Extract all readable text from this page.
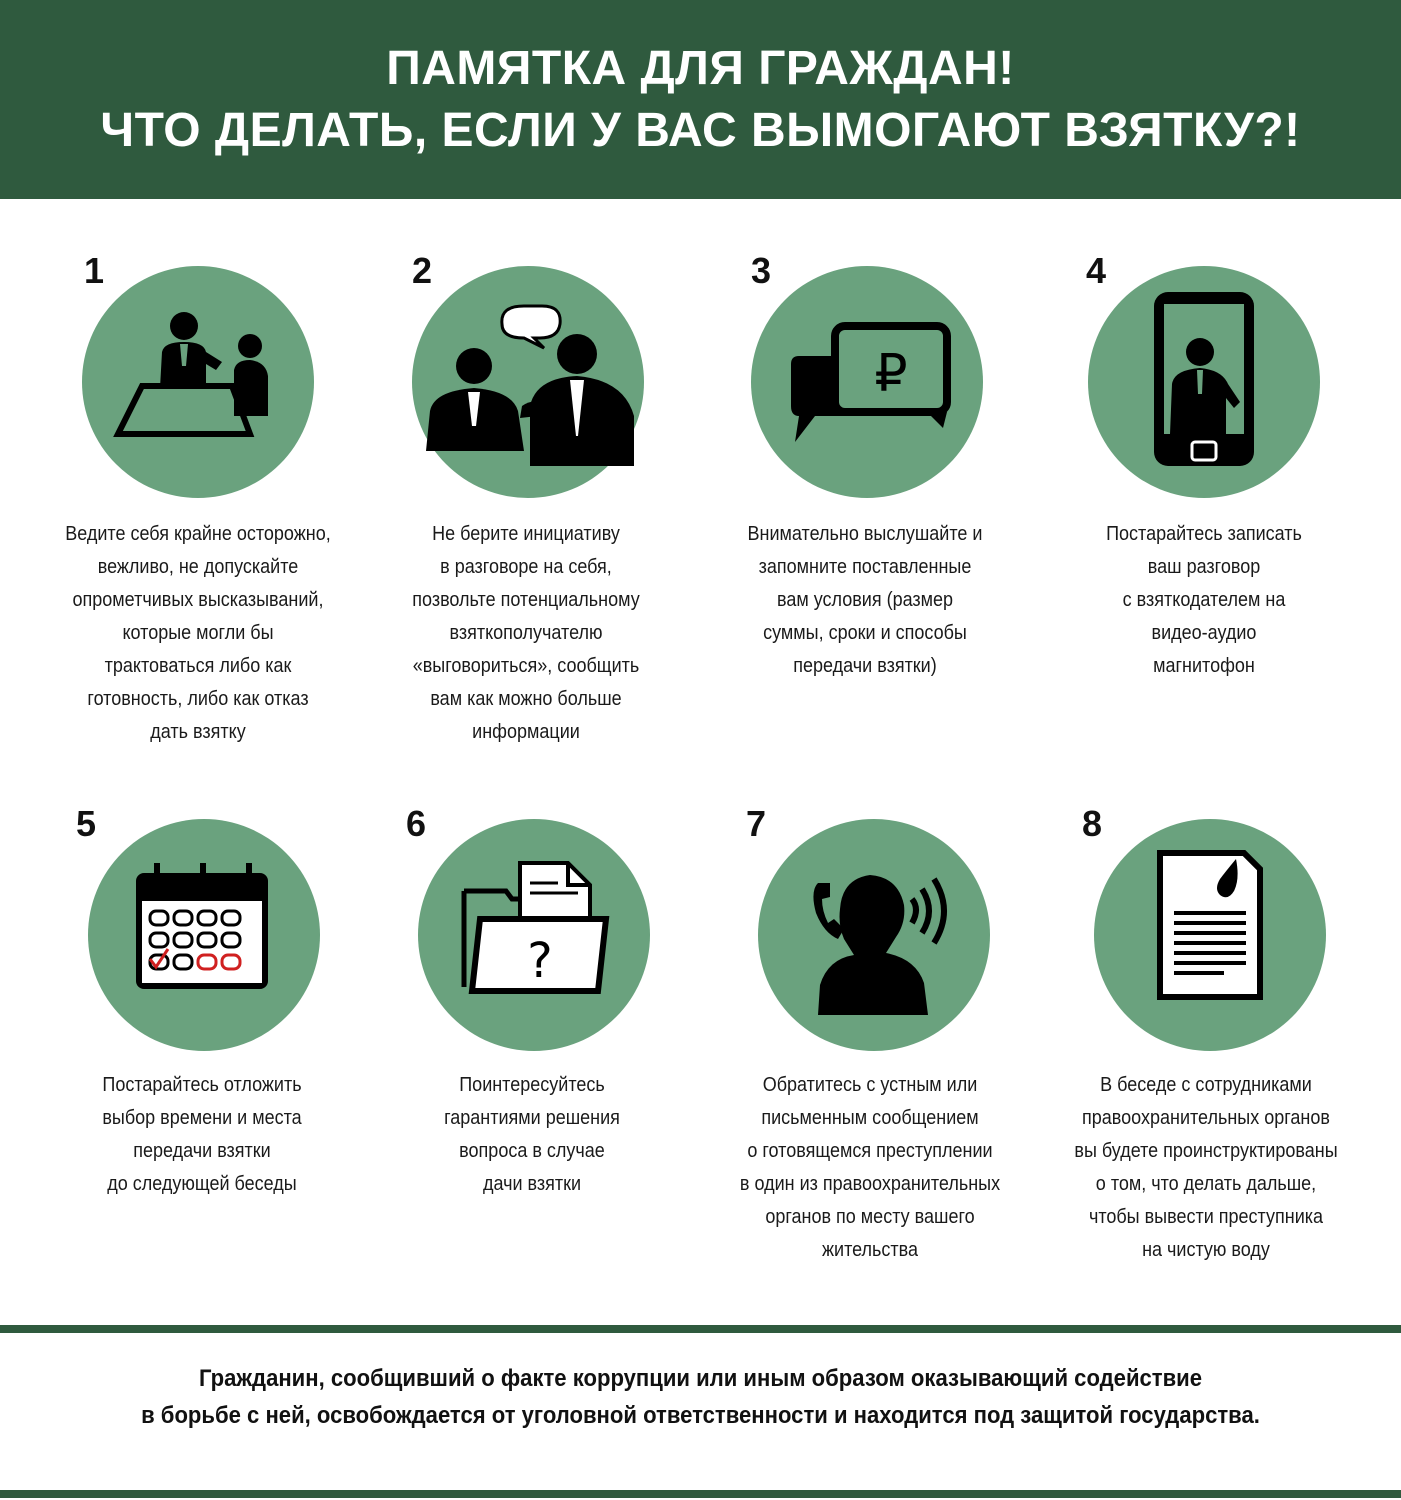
ПАМЯТКА ДЛЯ ГРАЖДАН!
ЧТО ДЕЛАТЬ, ЕСЛИ У ВАС ВЫМОГАЮТ ВЗЯТКУ?!
1
Ведите себя крайне осторожно,
вежливо, не допускайте
опрометчивых высказываний,
которые могли бы
трактоваться либо как
готовность, либо как отказ
дать взятку
2
Не берите инициативу
в разговоре на себя,
позвольте потенциальному
взяткополучателю
«выговориться», сообщить
вам как можно больше
информации
3
₽
Внимательно выслушайте и
запомните поставленные
вам условия (размер
суммы, сроки и способы
передачи взятки)
4
Постарайтесь записать
ваш разговор
с взяткодателем на
видео-аудио
магнитофон
5
Постарайтесь отложить
выбор времени и места
передачи взятки
до следующей беседы
6
?
Поинтересуйтесь
гарантиями решения
вопроса в случае
дачи взятки
7
Обратитесь с устным или
письменным сообщением
о готовящемся преступлении
в один из правоохранительных
органов по месту вашего
жительства
8
В беседе с сотрудниками
правоохранительных органов
вы будете проинструктированы
о том, что делать дальше,
чтобы вывести преступника
на чистую воду
Гражданин, сообщивший о факте коррупции или иным образом оказывающий содействие
в борьбе с ней, освобождается от уголовной ответственности и находится под защитой государства.
